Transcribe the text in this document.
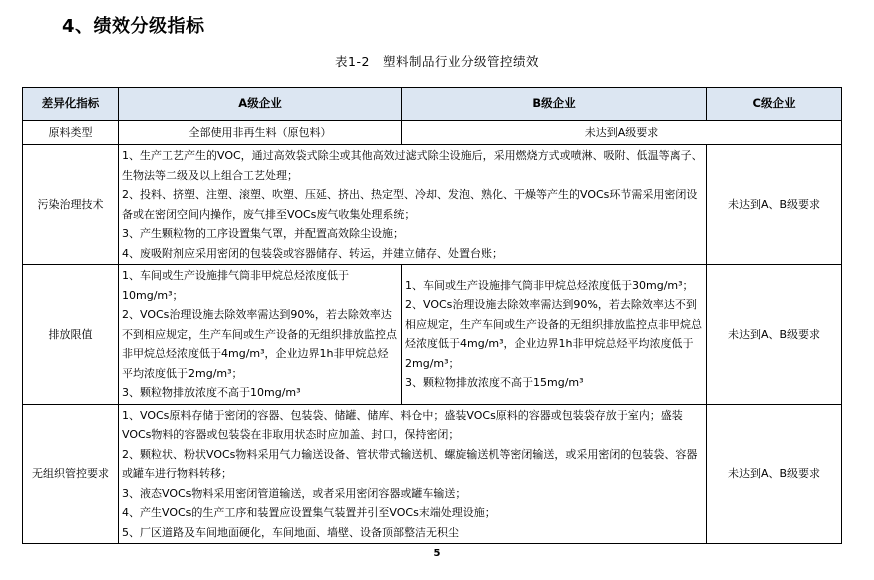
4、绩效分级指标
表1-2　塑料制品行业分级管控绩效
差异化指标	A级企业	B级企业	C级企业
原料类型	全部使用非再生料（原包料）	未达到A级要求	
污染治理技术	1、生产工艺产生的VOC，通过高效袋式除尘或其他高效过滤式除尘设施后，采用燃烧方式或喷淋、吸附、低温等离子、生物法等二级及以上组合工艺处理；
2、投料、挤塑、注塑、滚塑、吹塑、压延、挤出、热定型、冷却、发泡、熟化、干燥等产生的VOCs环节需采用密闭设备或在密闭空间内操作，废气排至VOCs废气收集处理系统；
3、产生颗粒物的工序设置集气罩，并配置高效除尘设施；
4、废吸附剂应采用密闭的包装袋或容器储存、转运，并建立储存、处置台账；		未达到A、B级要求
排放限值	1、车间或生产设施排气筒非甲烷总烃浓度低于10mg/m³；
2、VOCs治理设施去除效率需达到90%，若去除效率达不到相应规定，生产车间或生产设备的无组织排放监控点非甲烷总烃浓度低于4mg/m³，企业边界1h非甲烷总烃平均浓度低于2mg/m³；
3、颗粒物排放浓度不高于10mg/m³	1、车间或生产设施排气筒非甲烷总烃浓度低于30mg/m³；
2、VOCs治理设施去除效率需达到90%，若去除效率达不到相应规定，生产车间或生产设备的无组织排放监控点非甲烷总烃浓度低于4mg/m³，企业边界1h非甲烷总烃平均浓度低于2mg/m³；
3、颗粒物排放浓度不高于15mg/m³	未达到A、B级要求
无组织管控要求	1、VOCs原料存储于密闭的容器、包装袋、储罐、储库、料仓中；盛装VOCs原料的容器或包装袋存放于室内；盛装VOCs物料的容器或包装袋在非取用状态时应加盖、封口，保持密闭；
2、颗粒状、粉状VOCs物料采用气力输送设备、管状带式输送机、螺旋输送机等密闭输送，或采用密闭的包装袋、容器或罐车进行物料转移；
3、液态VOCs物料采用密闭管道输送，或者采用密闭容器或罐车输送；
4、产生VOCs的生产工序和装置应设置集气装置并引至VOCs末端处理设施；
5、厂区道路及车间地面硬化，车间地面、墙壁、设备顶部整洁无积尘		未达到A、B级要求
5
